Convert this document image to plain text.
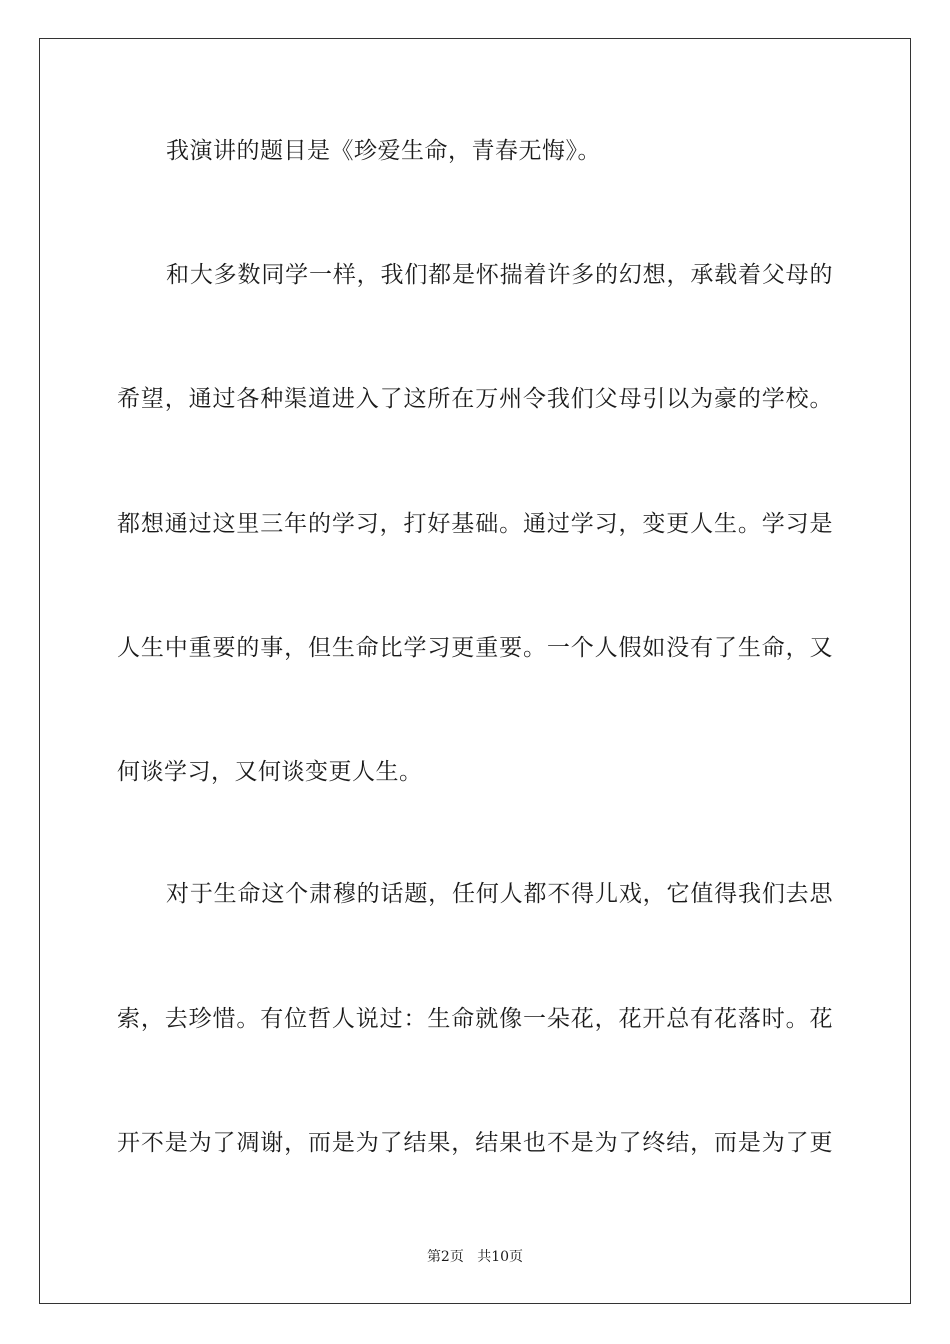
我演讲的题目是《珍爱生命，青春无悔》。
和大多数同学一样，我们都是怀揣着许多的幻想，承载着父母的
希望，通过各种渠道进入了这所在万州令我们父母引以为豪的学校。
都想通过这里三年的学习，打好基础。通过学习，变更人生。学习是
人生中重要的事，但生命比学习更重要。一个人假如没有了生命，又
何谈学习，又何谈变更人生。
对于生命这个肃穆的话题，任何人都不得儿戏，它值得我们去思
索，去珍惜。有位哲人说过：生命就像一朵花，花开总有花落时。花
开不是为了凋谢，而是为了结果，结果也不是为了终结，而是为了更
第2页 共10页
